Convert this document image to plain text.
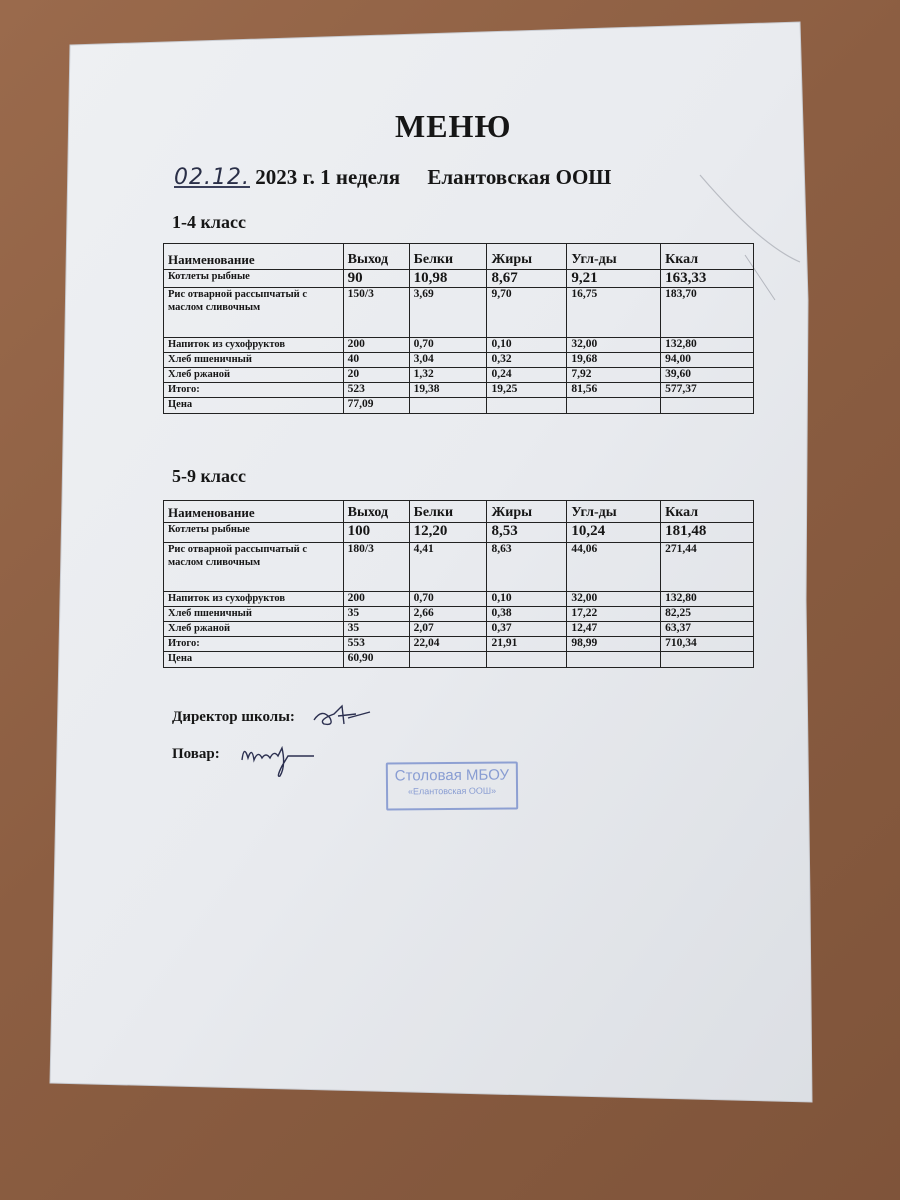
МЕНЮ
02.12. 2023 г. 1 неделя Елантовская ООШ
1-4 класс
Наименование	Выход	Белки	Жиры	Угл-ды	Ккал
Котлеты рыбные	90	10,98	8,67	9,21	163,33
Рис отварной рассыпчатый с маслом сливочным	150/3	3,69	9,70	16,75	183,70
Напиток из сухофруктов	200	0,70	0,10	32,00	132,80
Хлеб пшеничный	40	3,04	0,32	19,68	94,00
Хлеб ржаной	20	1,32	0,24	7,92	39,60
Итого:	523	19,38	19,25	81,56	577,37
Цена	77,09				
5-9 класс
Наименование	Выход	Белки	Жиры	Угл-ды	Ккал
Котлеты рыбные	100	12,20	8,53	10,24	181,48
Рис отварной рассыпчатый с маслом сливочным	180/3	4,41	8,63	44,06	271,44
Напиток из сухофруктов	200	0,70	0,10	32,00	132,80
Хлеб пшеничный	35	2,66	0,38	17,22	82,25
Хлеб ржаной	35	2,07	0,37	12,47	63,37
Итого:	553	22,04	21,91	98,99	710,34
Цена	60,90				
Директор школы:
Повар:
Столовая МБОУ
«Елантовская ООШ»
